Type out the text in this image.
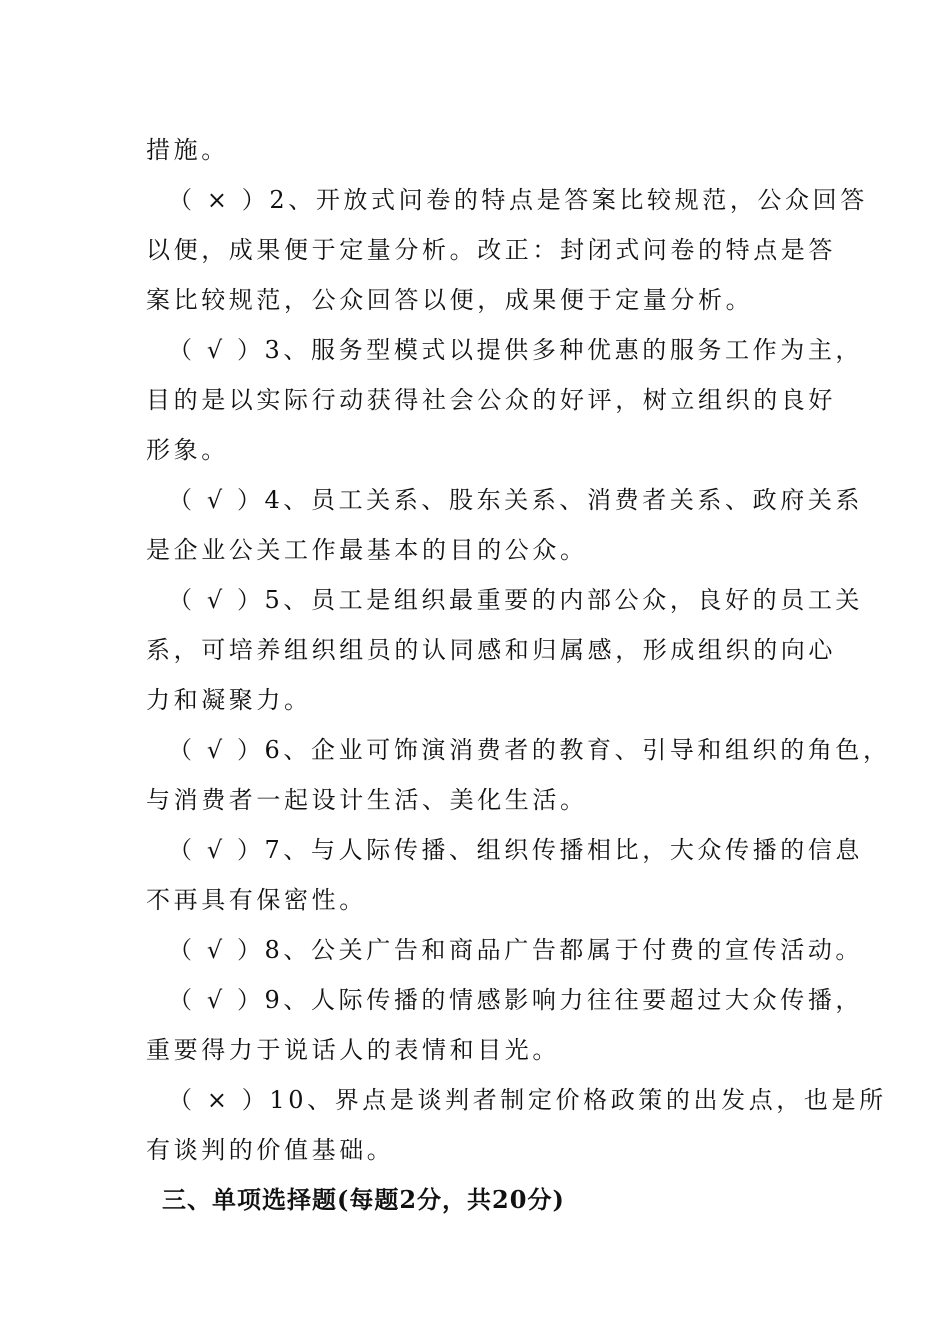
措施。
（ × ）2、开放式问卷的特点是答案比较规范，公众回答
以便，成果便于定量分析。改正：封闭式问卷的特点是答
案比较规范，公众回答以便，成果便于定量分析。
（ √ ）3、服务型模式以提供多种优惠的服务工作为主，
目的是以实际行动获得社会公众的好评，树立组织的良好
形象。
（ √ ）4、员工关系、股东关系、消费者关系、政府关系
是企业公关工作最基本的目的公众。
（ √ ）5、员工是组织最重要的内部公众，良好的员工关
系，可培养组织组员的认同感和归属感，形成组织的向心
力和凝聚力。
（ √ ）6、企业可饰演消费者的教育、引导和组织的角色，
与消费者一起设计生活、美化生活。
（ √ ）7、与人际传播、组织传播相比，大众传播的信息
不再具有保密性。
（ √ ）8、公关广告和商品广告都属于付费的宣传活动。
（ √ ）9、人际传播的情感影响力往往要超过大众传播，
重要得力于说话人的表情和目光。
（ × ）10、界点是谈判者制定价格政策的出发点，也是所
有谈判的价值基础。
三、单项选择题(每题2分，共20分)
